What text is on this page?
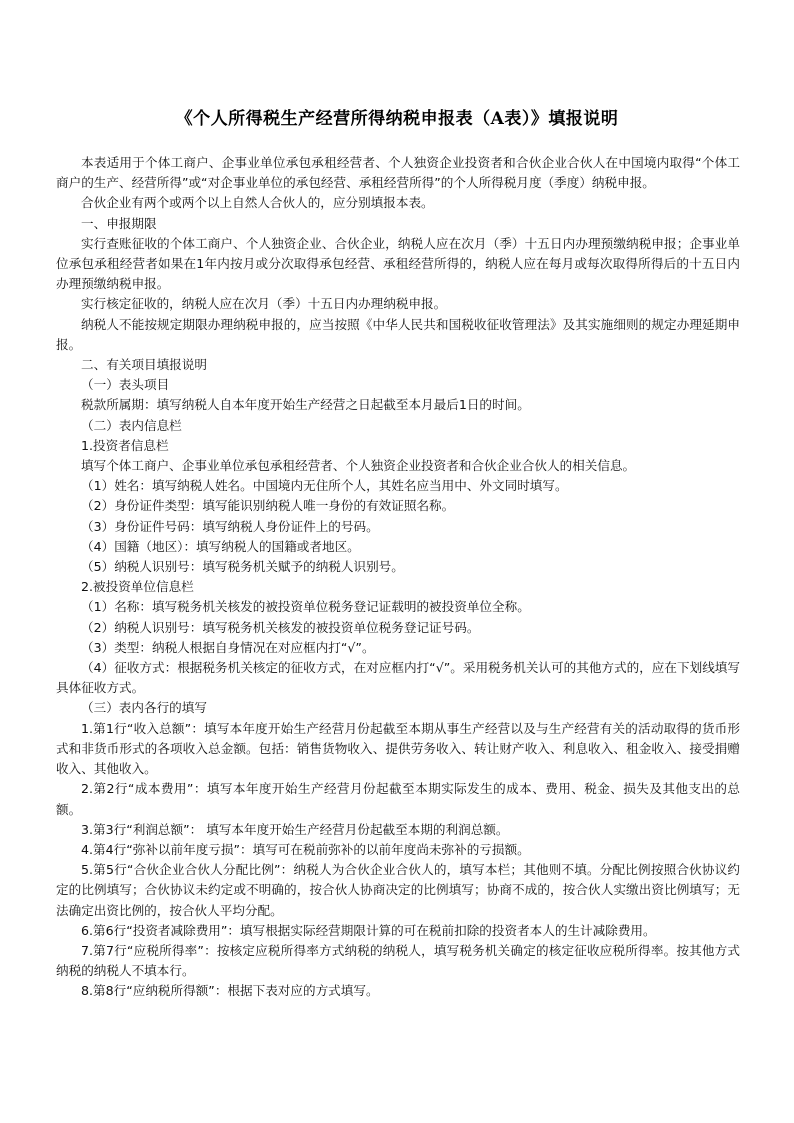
《个人所得税生产经营所得纳税申报表（A表）》填报说明

本表适用于个体工商户、企事业单位承包承租经营者、个人独资企业投资者和合伙企业合伙人在中国境内取得“个体工商户的生产、经营所得”或“对企事业单位的承包经营、承租经营所得”的个人所得税月度（季度）纳税申报。

合伙企业有两个或两个以上自然人合伙人的，应分别填报本表。

一、申报期限

实行查账征收的个体工商户、个人独资企业、合伙企业，纳税人应在次月（季）十五日内办理预缴纳税申报；企事业单位承包承租经营者如果在1年内按月或分次取得承包经营、承租经营所得的，纳税人应在每月或每次取得所得后的十五日内办理预缴纳税申报。

实行核定征收的，纳税人应在次月（季）十五日内办理纳税申报。

纳税人不能按规定期限办理纳税申报的，应当按照《中华人民共和国税收征收管理法》及其实施细则的规定办理延期申报。

二、有关项目填报说明

（一）表头项目

税款所属期：填写纳税人自本年度开始生产经营之日起截至本月最后1日的时间。

（二）表内信息栏

1.投资者信息栏

填写个体工商户、企事业单位承包承租经营者、个人独资企业投资者和合伙企业合伙人的相关信息。

（1）姓名：填写纳税人姓名。中国境内无住所个人，其姓名应当用中、外文同时填写。

（2）身份证件类型：填写能识别纳税人唯一身份的有效证照名称。

（3）身份证件号码：填写纳税人身份证件上的号码。

（4）国籍（地区）：填写纳税人的国籍或者地区。

（5）纳税人识别号：填写税务机关赋予的纳税人识别号。

2.被投资单位信息栏

（1）名称：填写税务机关核发的被投资单位税务登记证载明的被投资单位全称。

（2）纳税人识别号：填写税务机关核发的被投资单位税务登记证号码。

（3）类型：纳税人根据自身情况在对应框内打“√”。

（4）征收方式：根据税务机关核定的征收方式，在对应框内打“√”。采用税务机关认可的其他方式的，应在下划线填写具体征收方式。

（三）表内各行的填写

1.第1行“收入总额”：填写本年度开始生产经营月份起截至本期从事生产经营以及与生产经营有关的活动取得的货币形式和非货币形式的各项收入总金额。包括：销售货物收入、提供劳务收入、转让财产收入、利息收入、租金收入、接受捐赠收入、其他收入。

2.第2行“成本费用”：填写本年度开始生产经营月份起截至本期实际发生的成本、费用、税金、损失及其他支出的总额。

3.第3行“利润总额”： 填写本年度开始生产经营月份起截至本期的利润总额。

4.第4行“弥补以前年度亏损”：填写可在税前弥补的以前年度尚未弥补的亏损额。

5.第5行“合伙企业合伙人分配比例”：纳税人为合伙企业合伙人的，填写本栏；其他则不填。分配比例按照合伙协议约定的比例填写；合伙协议未约定或不明确的，按合伙人协商决定的比例填写；协商不成的，按合伙人实缴出资比例填写；无法确定出资比例的，按合伙人平均分配。

6.第6行“投资者减除费用”：填写根据实际经营期限计算的可在税前扣除的投资者本人的生计减除费用。

7.第7行“应税所得率”：按核定应税所得率方式纳税的纳税人，填写税务机关确定的核定征收应税所得率。按其他方式纳税的纳税人不填本行。

8.第8行“应纳税所得额”：根据下表对应的方式填写。
